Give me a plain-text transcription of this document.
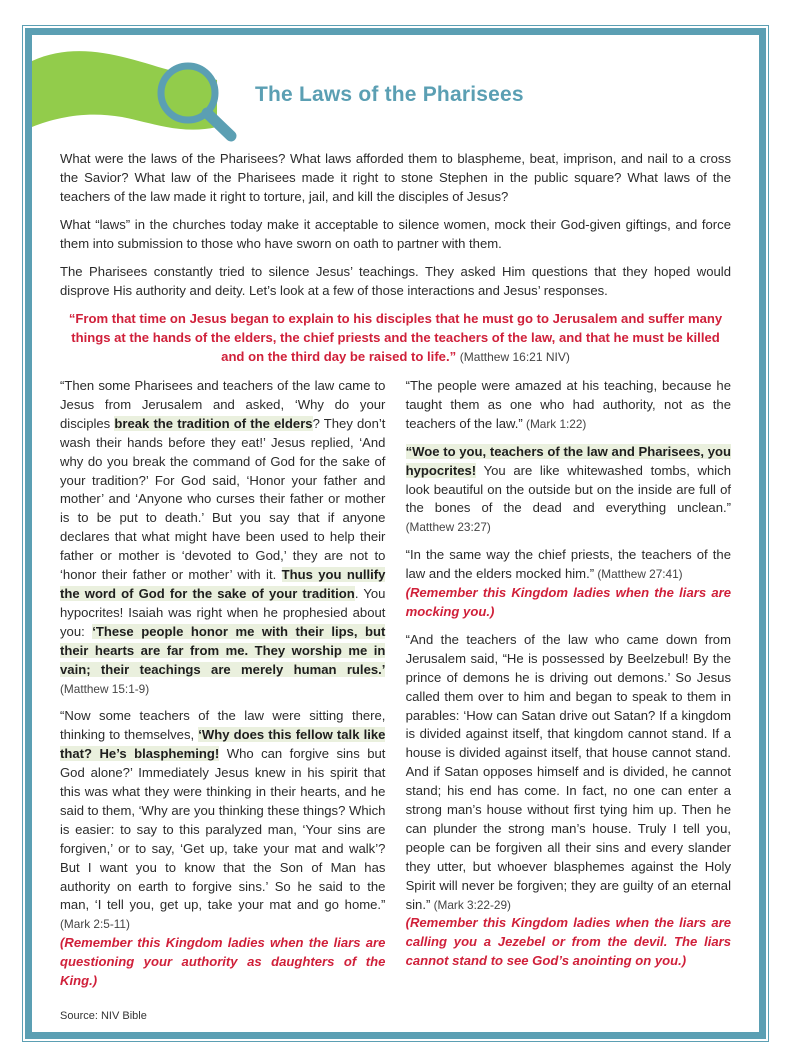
The Laws of the Pharisees

What were the laws of the Pharisees? What laws afforded them to blaspheme, beat, imprison, and nail to a cross the Savior? What law of the Pharisees made it right to stone Stephen in the public square? What laws of the teachers of the law made it right to torture, jail, and kill the disciples of Jesus?

What “laws” in the churches today make it acceptable to silence women, mock their God-given giftings, and force them into submission to those who have sworn on oath to partner with them.

The Pharisees constantly tried to silence Jesus’ teachings. They asked Him questions that they hoped would disprove His authority and deity. Let’s look at a few of those interactions and Jesus’ responses.

“From that time on Jesus began to explain to his disciples that he must go to Jerusalem and suffer many things at the hands of the elders, the chief priests and the teachers of the law, and that he must be killed and on the third day be raised to life.” (Matthew 16:21 NIV)

“Then some Pharisees and teachers of the law came to Jesus from Jerusalem and asked, ‘Why do your disciples break the tradition of the elders? They don’t wash their hands before they eat!’ Jesus replied, ‘And why do you break the command of God for the sake of your tradition?’ For God said, ‘Honor your father and mother’ and ‘Anyone who curses their father or mother is to be put to death.’ But you say that if anyone declares that what might have been used to help their father or mother is ‘devoted to God,’ they are not to ‘honor their father or mother’ with it. Thus you nullify the word of God for the sake of your tradition. You hypocrites! Isaiah was right when he prophesied about you: ‘These people honor me with their lips, but their hearts are far from me. They worship me in vain; their teachings are merely human rules.’ (Matthew 15:1-9)

“Now some teachers of the law were sitting there, thinking to themselves, ‘Why does this fellow talk like that? He’s blaspheming! Who can forgive sins but God alone?’ Immediately Jesus knew in his spirit that this was what they were thinking in their hearts, and he said to them, ‘Why are you thinking these things? Which is easier: to say to this paralyzed man, ‘Your sins are forgiven,’ or to say, ‘Get up, take your mat and walk’? But I want you to know that the Son of Man has authority on earth to forgive sins.’ So he said to the man, ‘I tell you, get up, take your mat and go home.” (Mark 2:5-11)
(Remember this Kingdom ladies when the liars are questioning your authority as daughters of the King.)

“The people were amazed at his teaching, because he taught them as one who had authority, not as the teachers of the law.” (Mark 1:22)

“Woe to you, teachers of the law and Pharisees, you hypocrites! You are like whitewashed tombs, which look beautiful on the outside but on the inside are full of the bones of the dead and everything unclean.” (Matthew 23:27)

“In the same way the chief priests, the teachers of the law and the elders mocked him.” (Matthew 27:41)
(Remember this Kingdom ladies when the liars are mocking you.)

“And the teachers of the law who came down from Jerusalem said, “He is possessed by Beelzebul! By the prince of demons he is driving out demons.’ So Jesus called them over to him and began to speak to them in parables: ‘How can Satan drive out Satan? If a kingdom is divided against itself, that kingdom cannot stand. If a house is divided against itself, that house cannot stand. And if Satan opposes himself and is divided, he cannot stand; his end has come. In fact, no one can enter a strong man’s house without first tying him up. Then he can plunder the strong man’s house. Truly I tell you, people can be forgiven all their sins and every slander they utter, but whoever blasphemes against the Holy Spirit will never be forgiven; they are guilty of an eternal sin.” (Mark 3:22-29)
(Remember this Kingdom ladies when the liars are calling you a Jezebel or from the devil. The liars cannot stand to see God’s anointing on you.)

Source: NIV Bible
